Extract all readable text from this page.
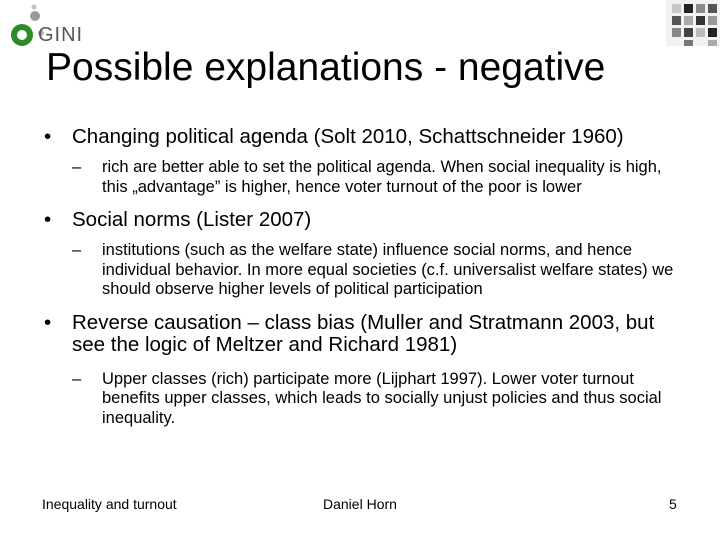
GINI
Possible explanations - negative
• Changing political agenda (Solt 2010, Schattschneider 1960)
– rich are better able to set the political agenda. When social inequality is high, this „advantage” is higher, hence voter turnout of the poor is lower
• Social norms (Lister 2007)
– institutions (such as the welfare state) influence social norms, and hence individual behavior. In more equal societies (c.f. universalist welfare states) we should observe higher levels of political participation
• Reverse causation – class bias (Muller and Stratmann 2003, but see the logic of Meltzer and Richard 1981)
– Upper classes (rich) participate more (Lijphart 1997). Lower voter turnout benefits upper classes, which leads to socially unjust policies and thus social inequality.
Inequality and turnout	Daniel Horn	5
